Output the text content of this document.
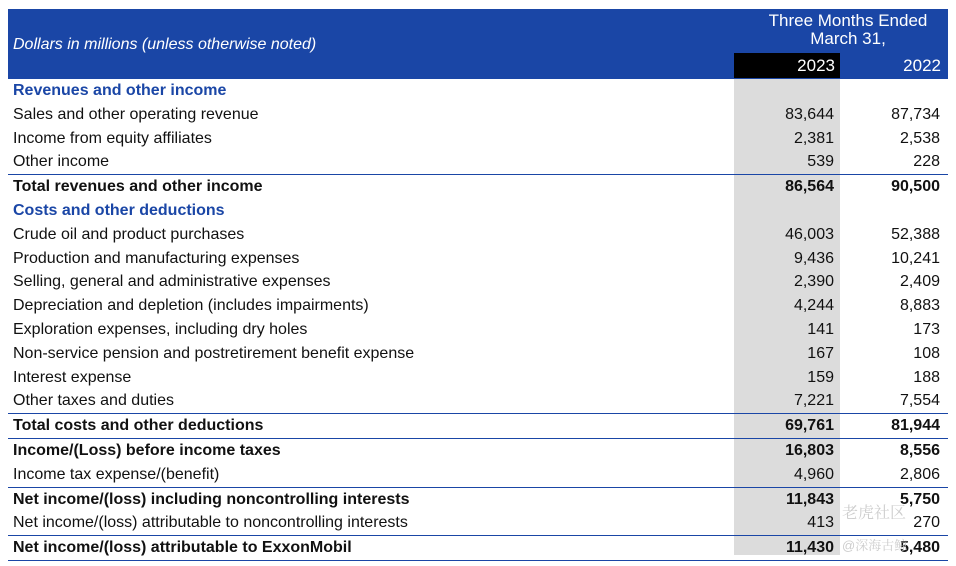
Dollars in millions (unless otherwise noted)
Three Months Ended
March 31,
2023	2022
Revenues and other income
Sales and other operating revenue	83,644	87,734
Income from equity affiliates	2,381	2,538
Other income	539	228
Total revenues and other income	86,564	90,500
Costs and other deductions
Crude oil and product purchases	46,003	52,388
Production and manufacturing expenses	9,436	10,241
Selling, general and administrative expenses	2,390	2,409
Depreciation and depletion (includes impairments)	4,244	8,883
Exploration expenses, including dry holes	141	173
Non-service pension and postretirement benefit expense	167	108
Interest expense	159	188
Other taxes and duties	7,221	7,554
Total costs and other deductions	69,761	81,944
Income/(Loss) before income taxes	16,803	8,556
Income tax expense/(benefit)	4,960	2,806
Net income/(loss) including noncontrolling interests	11,843	5,750
Net income/(loss) attributable to noncontrolling interests	413	270
Net income/(loss) attributable to ExxonMobil	11,430	5,480
老虎社区
@深海古鲸
